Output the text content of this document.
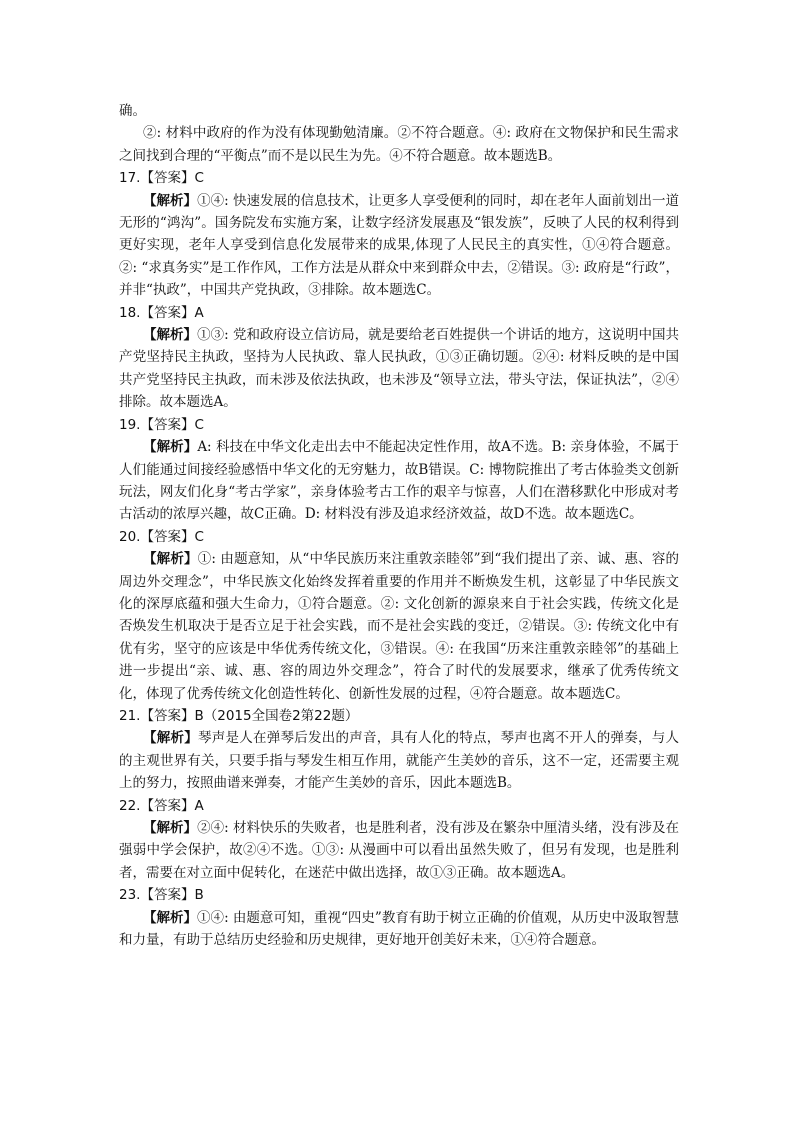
确。

②: 材料中政府的作为没有体现勤勉清廉。②不符合题意。④: 政府在文物保护和民生需求之间找到合理的“平衡点”而不是以民生为先。④不符合题意。故本题选B。

17.【答案】C

【解析】①④: 快速发展的信息技术，让更多人享受便利的同时，却在老年人面前划出一道无形的“鸿沟”。国务院发布实施方案，让数字经济发展惠及“银发族”，反映了人民的权利得到更好实现，老年人享受到信息化发展带来的成果,体现了人民民主的真实性，①④符合题意。②: “求真务实”是工作作风，工作方法是从群众中来到群众中去，②错误。③: 政府是“行政”，并非“执政”，中国共产党执政，③排除。故本题选C。

18.【答案】A

【解析】①③: 党和政府设立信访局，就是要给老百姓提供一个讲话的地方，这说明中国共产党坚持民主执政，坚持为人民执政、靠人民执政，①③正确切题。②④: 材料反映的是中国共产党坚持民主执政，而未涉及依法执政，也未涉及“领导立法，带头守法，保证执法”，②④排除。故本题选A。

19.【答案】C

【解析】A: 科技在中华文化走出去中不能起决定性作用，故A不选。B: 亲身体验，不属于人们能通过间接经验感悟中华文化的无穷魅力，故B错误。C: 博物院推出了考古体验类文创新玩法，网友们化身“考古学家”，亲身体验考古工作的艰辛与惊喜，人们在潜移默化中形成对考古活动的浓厚兴趣，故C正确。D: 材料没有涉及追求经济效益，故D不选。故本题选C。

20.【答案】C

【解析】①: 由题意知，从“中华民族历来注重敦亲睦邻”到“我们提出了亲、诚、惠、容的周边外交理念”，中华民族文化始终发挥着重要的作用并不断焕发生机，这彰显了中华民族文化的深厚底蕴和强大生命力，①符合题意。②: 文化创新的源泉来自于社会实践，传统文化是否焕发生机取决于是否立足于社会实践，而不是社会实践的变迁，②错误。③: 传统文化中有优有劣，坚守的应该是中华优秀传统文化，③错误。④: 在我国“历来注重敦亲睦邻”的基础上进一步提出“亲、诚、惠、容的周边外交理念”，符合了时代的发展要求，继承了优秀传统文化，体现了优秀传统文化创造性转化、创新性发展的过程，④符合题意。故本题选C。

21.【答案】B（2015全国卷2第22题）

【解析】琴声是人在弹琴后发出的声音，具有人化的特点，琴声也离不开人的弹奏，与人的主观世界有关，只要手指与琴发生相互作用，就能产生美妙的音乐，这不一定，还需要主观上的努力，按照曲谱来弹奏，才能产生美妙的音乐，因此本题选B。

22.【答案】A

【解析】②④: 材料快乐的失败者，也是胜利者，没有涉及在繁杂中厘清头绪，没有涉及在强弱中学会保护，故②④不选。①③: 从漫画中可以看出虽然失败了，但另有发现，也是胜利者，需要在对立面中促转化，在迷茫中做出选择，故①③正确。故本题选A。

23.【答案】B

【解析】①④: 由题意可知，重视“四史”教育有助于树立正确的价值观，从历史中汲取智慧和力量，有助于总结历史经验和历史规律，更好地开创美好未来，①④符合题意。
